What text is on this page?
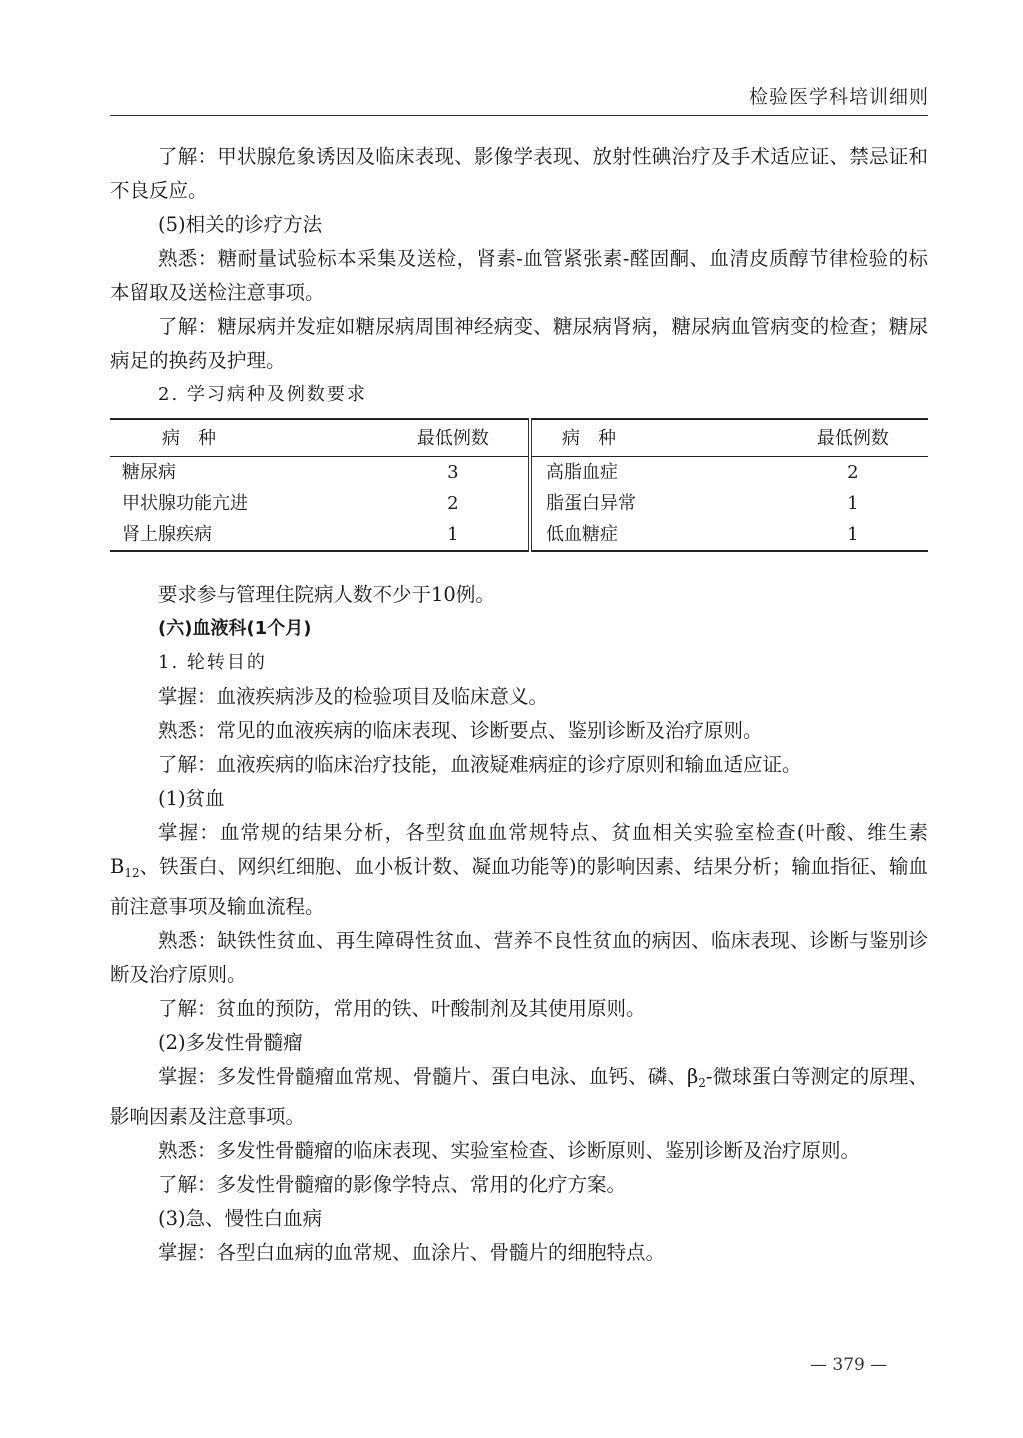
检验医学科培训细则

了解：甲状腺危象诱因及临床表现、影像学表现、放射性碘治疗及手术适应证、禁忌证和不良反应。

(5)相关的诊疗方法

熟悉：糖耐量试验标本采集及送检，肾素-血管紧张素-醛固酮、血清皮质醇节律检验的标本留取及送检注意事项。

了解：糖尿病并发症如糖尿病周围神经病变、糖尿病肾病，糖尿病血管病变的检查；糖尿病足的换药及护理。

2. 学习病种及例数要求

病　种	最低例数	病　种	最低例数
糖尿病	3	高脂血症	2
甲状腺功能亢进	2	脂蛋白异常	1
肾上腺疾病	1	低血糖症	1

要求参与管理住院病人数不少于10例。

(六)血液科(1个月)

1. 轮转目的

掌握：血液疾病涉及的检验项目及临床意义。

熟悉：常见的血液疾病的临床表现、诊断要点、鉴别诊断及治疗原则。

了解：血液疾病的临床治疗技能，血液疑难病症的诊疗原则和输血适应证。

(1)贫血

掌握：血常规的结果分析，各型贫血血常规特点、贫血相关实验室检查(叶酸、维生素$B_{12}$、铁蛋白、网织红细胞、血小板计数、凝血功能等)的影响因素、结果分析；输血指征、输血前注意事项及输血流程。

熟悉：缺铁性贫血、再生障碍性贫血、营养不良性贫血的病因、临床表现、诊断与鉴别诊断及治疗原则。

了解：贫血的预防，常用的铁、叶酸制剂及其使用原则。

(2)多发性骨髓瘤

掌握：多发性骨髓瘤血常规、骨髓片、蛋白电泳、血钙、磷、$\beta_2-$微球蛋白等测定的原理、影响因素及注意事项。

熟悉：多发性骨髓瘤的临床表现、实验室检查、诊断原则、鉴别诊断及治疗原则。

了解：多发性骨髓瘤的影像学特点、常用的化疗方案。

(3)急、慢性白血病

掌握：各型白血病的血常规、血涂片、骨髓片的细胞特点。

— 379 —
